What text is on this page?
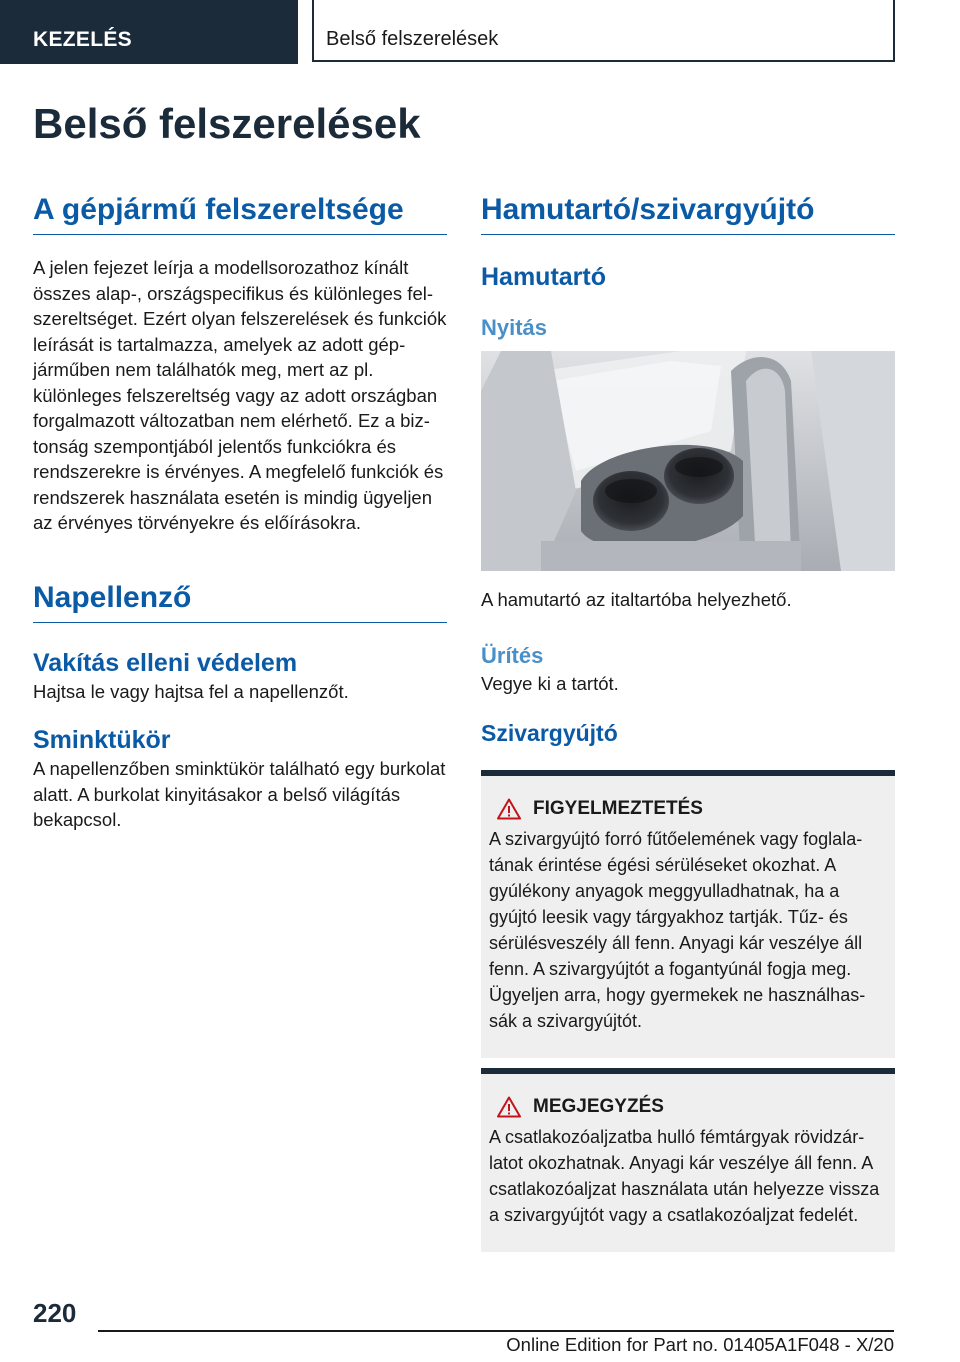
KEZELÉS	Belső felszerelések
Belső felszerelések
A gépjármű felszereltsége

A jelen fejezet leírja a modellsorozathoz kínált összes alap-, országspecifikus és különleges felszereltséget. Ezért olyan felszerelések és funkciók leírását is tartalmazza, amelyek az adott gépjárműben nem találhatók meg, mert az pl. különleges felszereltség vagy az adott országban forgalmazott változatban nem elérhető. Ez a biztonság szempontjából jelentős funkciókra és rendszerekre is érvényes. A megfelelő funkciók és rendszerek használata esetén is mindig ügyeljen az érvényes törvényekre és előírásokra.

Napellenző
Vakítás elleni védelem

Hajtsa le vagy hajtsa fel a napellenzőt.

Sminktükör

A napellenzőben sminktükör található egy burkolat alatt. A burkolat kinyitásakor a belső világítás bekapcsol.

Hamutartó/szivargyújtó
Hamutartó
Nyitás

A hamutartó az italtartóba helyezhető.

Ürítés

Vegye ki a tartót.

Szivargyújtó
FIGYELMEZTETÉS

A szivargyújtó forró fűtőelemének vagy foglalatának érintése égési sérüléseket okozhat. A gyúlékony anyagok meggyulladhatnak, ha a gyújtó leesik vagy tárgyakhoz tartják. Tűz- és sérülésveszély áll fenn. Anyagi kár veszélye áll fenn. A szivargyújtót a fogantyúnál fogja meg. Ügyeljen arra, hogy gyermekek ne használhassák a szivargyújtót.

MEGJEGYZÉS

A csatlakozóaljzatba hulló fémtárgyak rövidzárlatot okozhatnak. Anyagi kár veszélye áll fenn. A csatlakozóaljzat használata után helyezze vissza a szivargyújtót vagy a csatlakozóaljzat fedelét.

220
Online Edition for Part no. 01405A1F048 - X/20
